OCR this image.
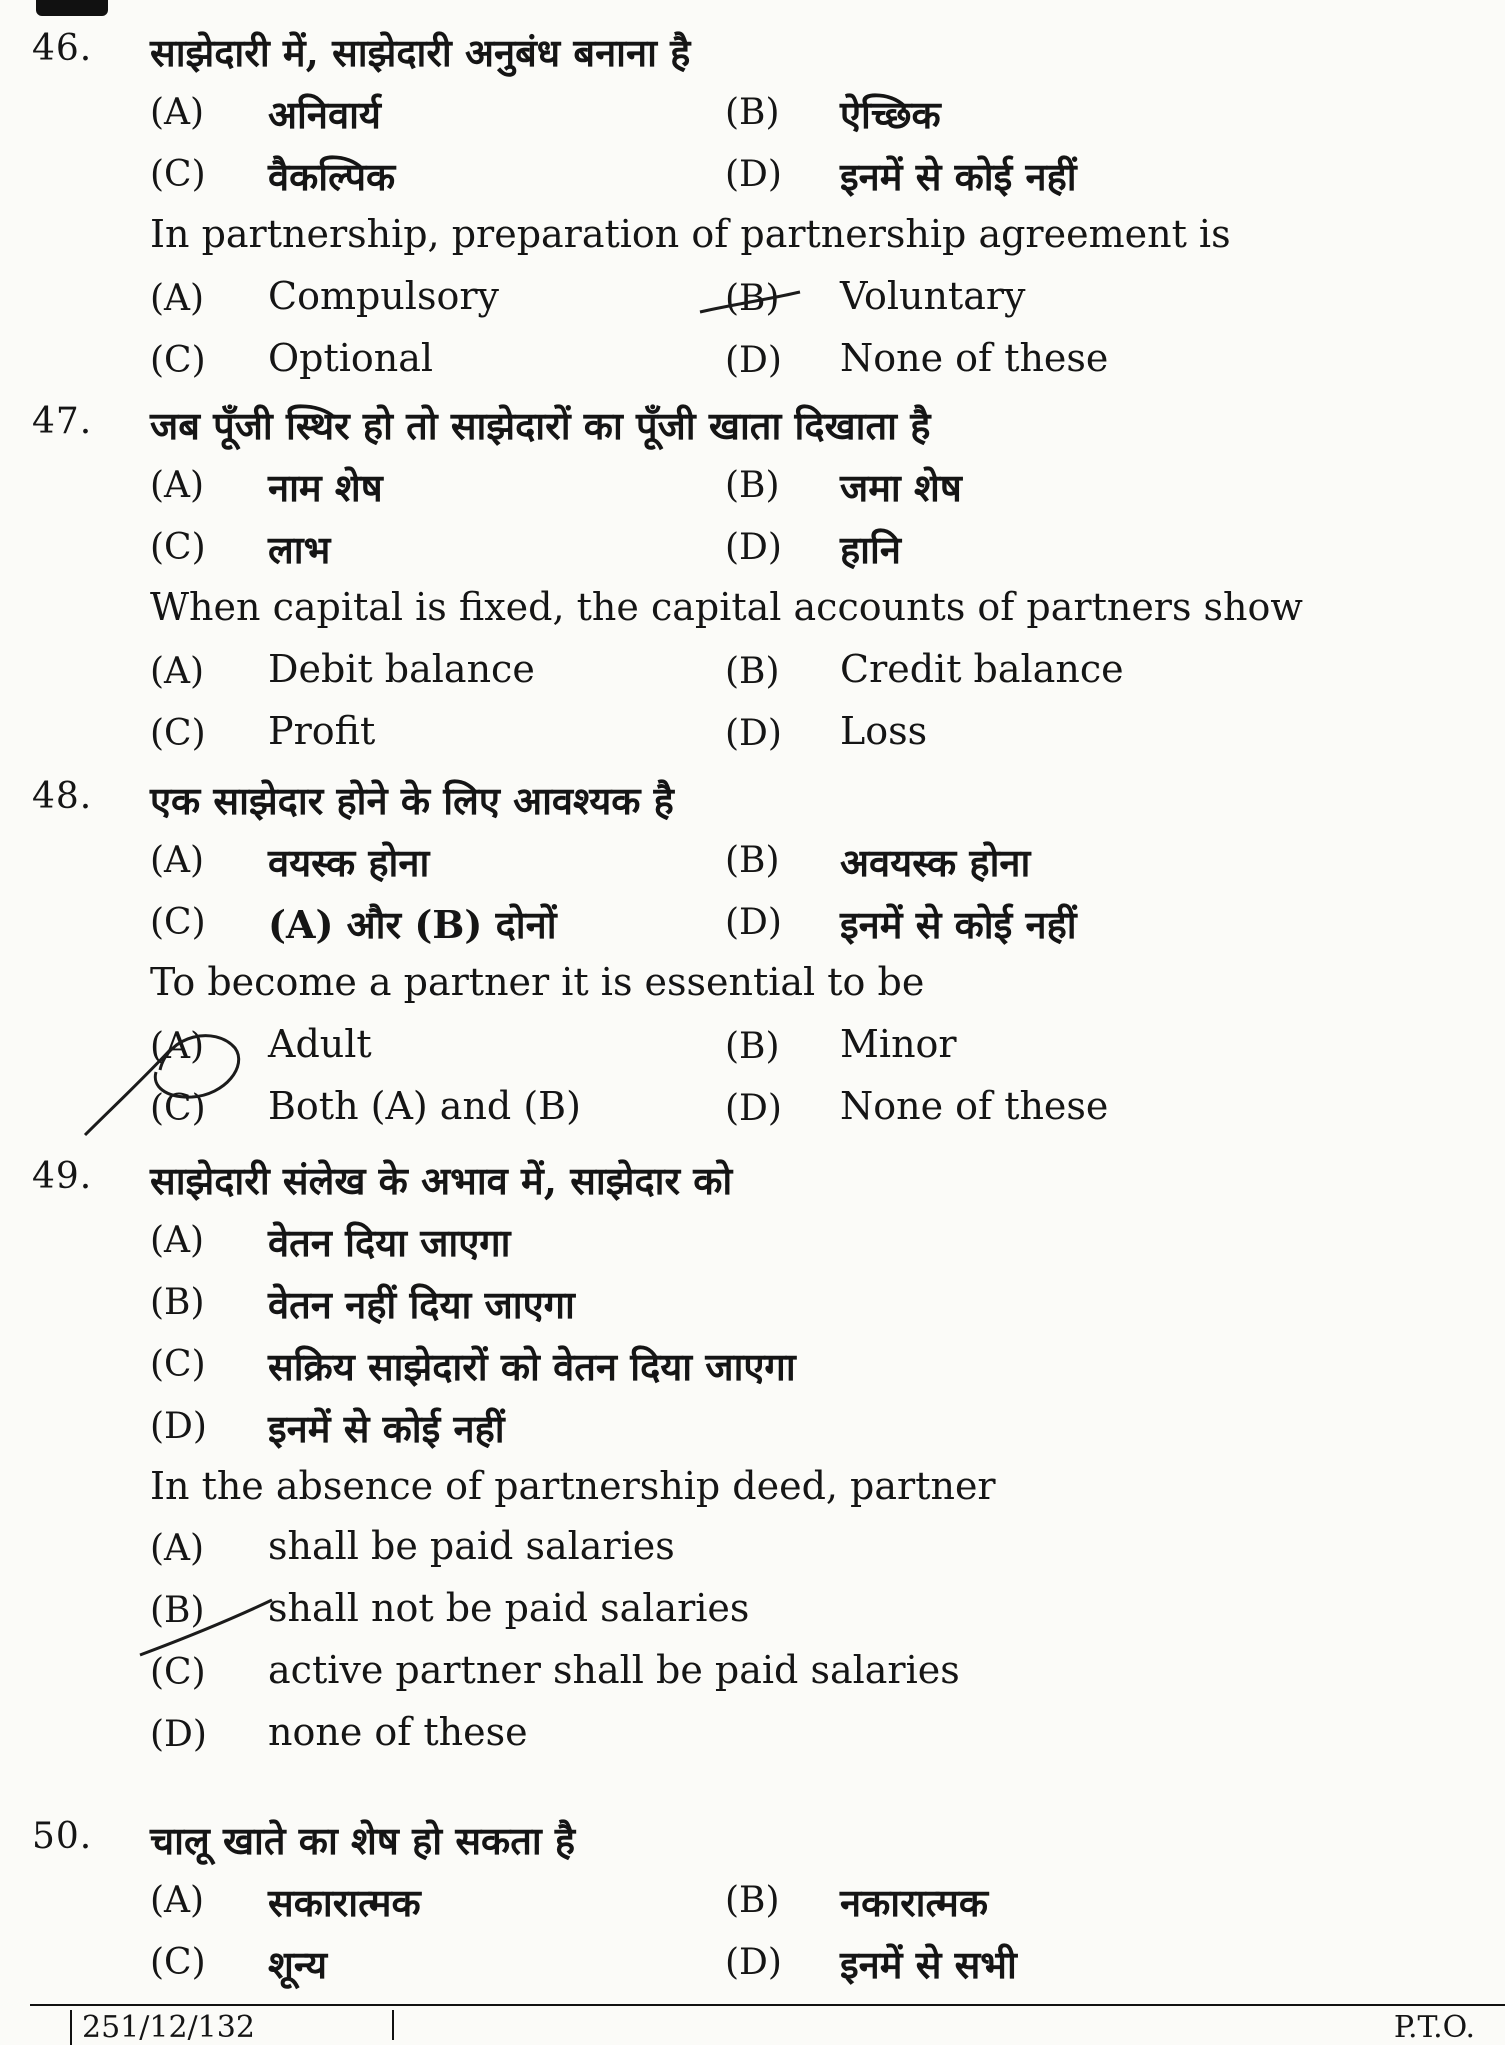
46. साझेदारी में, साझेदारी अनुबंध बनाना है
(A) अनिवार्य	(B) ऐच्छिक
(C) वैकल्पिक	(D) इनमें से कोई नहीं
In partnership, preparation of partnership agreement is
(A) Compulsory	(B) Voluntary
(C) Optional	(D) None of these
47. जब पूँजी स्थिर हो तो साझेदारों का पूँजी खाता दिखाता है
(A) नाम शेष	(B) जमा शेष
(C) लाभ	(D) हानि
When capital is fixed, the capital accounts of partners show
(A) Debit balance	(B) Credit balance
(C) Profit	(D) Loss
48. एक साझेदार होने के लिए आवश्यक है
(A) वयस्क होना	(B) अवयस्क होना
(C) (A) और (B) दोनों	(D) इनमें से कोई नहीं
To become a partner it is essential to be
(A) Adult	(B) Minor
(C) Both (A) and (B)	(D) None of these
49. साझेदारी संलेख के अभाव में, साझेदार को
(A) वेतन दिया जाएगा
(B) वेतन नहीं दिया जाएगा
(C) सक्रिय साझेदारों को वेतन दिया जाएगा
(D) इनमें से कोई नहीं
In the absence of partnership deed, partner
(A) shall be paid salaries
(B) shall not be paid salaries
(C) active partner shall be paid salaries
(D) none of these
50. चालू खाते का शेष हो सकता है
(A) सकारात्मक	(B) नकारात्मक
(C) शून्य	(D) इनमें से सभी
251/12/132	P.T.O.
